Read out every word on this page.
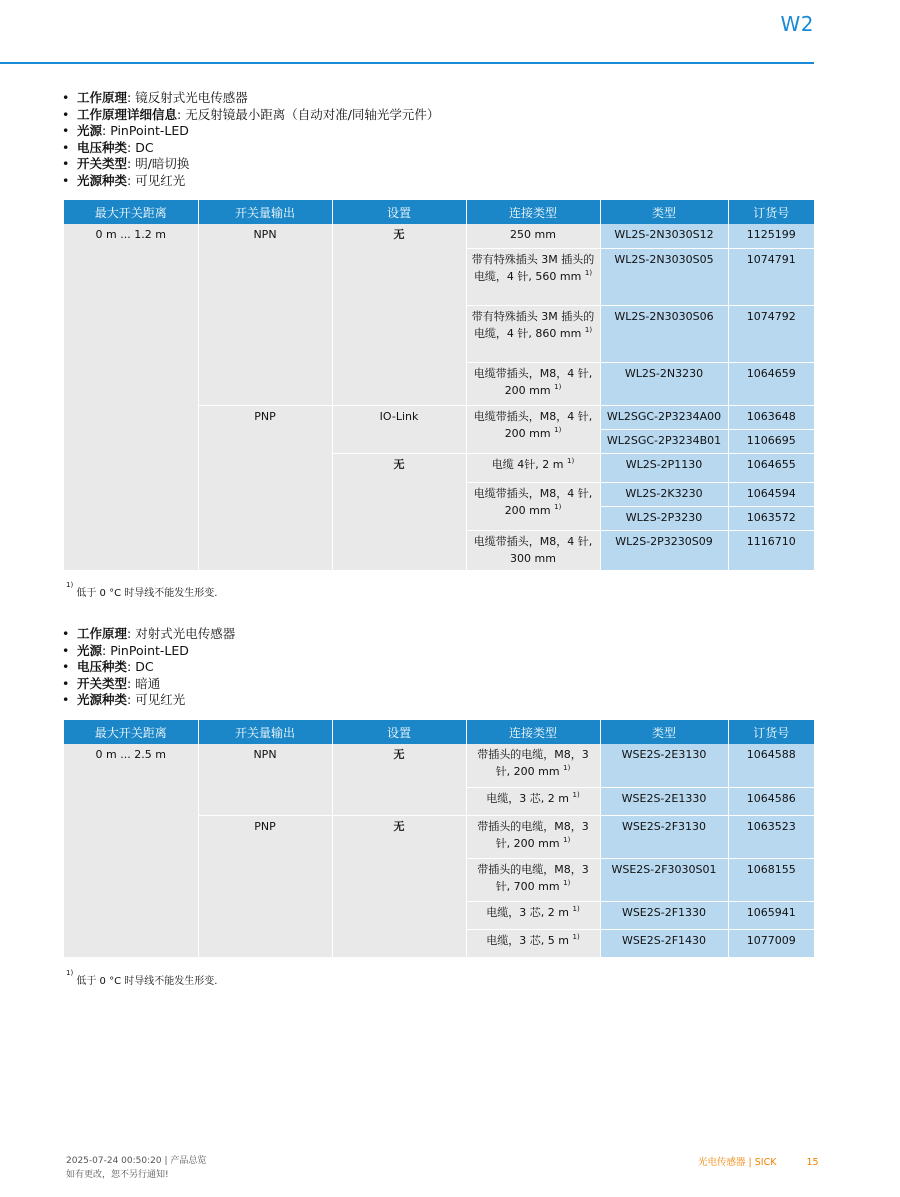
W2
• 工作原理: 镜反射式光电传感器
• 工作原理详细信息: 无反射镜最小距离（自动对准/同轴光学元件）
• 光源: PinPoint-LED
• 电压种类: DC
• 开关类型: 明/暗切换
• 光源种类: 可见红光
最大开关距离	开关量输出	设置	连接类型	类型	订货号
0 m ... 1.2 m	NPN	无	250 mm	WL2S-2N3030S12	1125199
			带有特殊插头 3M 插头的电缆，4 针, 560 mm $^{1)}$	WL2S-2N3030S05	1074791
			带有特殊插头 3M 插头的电缆，4 针, 860 mm $^{1)}$	WL2S-2N3030S06	1074792
			电缆带插头，M8，4 针, 200 mm $^{1)}$	WL2S-2N3230	1064659
	PNP	IO-Link	电缆带插头，M8，4 针, 200 mm $^{1)}$	WL2SGC-2P3234A00	1063648
				WL2SGC-2P3234B01	1106695
		无	电缆 4针, 2 m $^{1)}$	WL2S-2P1130	1064655
			电缆带插头，M8，4 针, 200 mm $^{1)}$	WL2S-2K3230	1064594
				WL2S-2P3230	1063572
			电缆带插头，M8，4 针, 300 mm	WL2S-2P3230S09	1116710
$^{1)}$ 低于 0 °C 时导线不能发生形变.
• 工作原理: 对射式光电传感器
• 光源: PinPoint-LED
• 电压种类: DC
• 开关类型: 暗通
• 光源种类: 可见红光
最大开关距离	开关量输出	设置	连接类型	类型	订货号
0 m ... 2.5 m	NPN	无	带插头的电缆，M8，3 针, 200 mm $^{1)}$	WSE2S-2E3130	1064588
			电缆，3 芯, 2 m $^{1)}$	WSE2S-2E1330	1064586
	PNP	无	带插头的电缆，M8，3 针, 200 mm $^{1)}$	WSE2S-2F3130	1063523
			带插头的电缆，M8，3 针, 700 mm $^{1)}$	WSE2S-2F3030S01	1068155
			电缆，3 芯, 2 m $^{1)}$	WSE2S-2F1330	1065941
			电缆，3 芯, 5 m $^{1)}$	WSE2S-2F1430	1077009
$^{1)}$ 低于 0 °C 时导线不能发生形变.
2025-07-24 00:50:20 | 产品总览
如有更改，恕不另行通知!
光电传感器 | SICK	15
